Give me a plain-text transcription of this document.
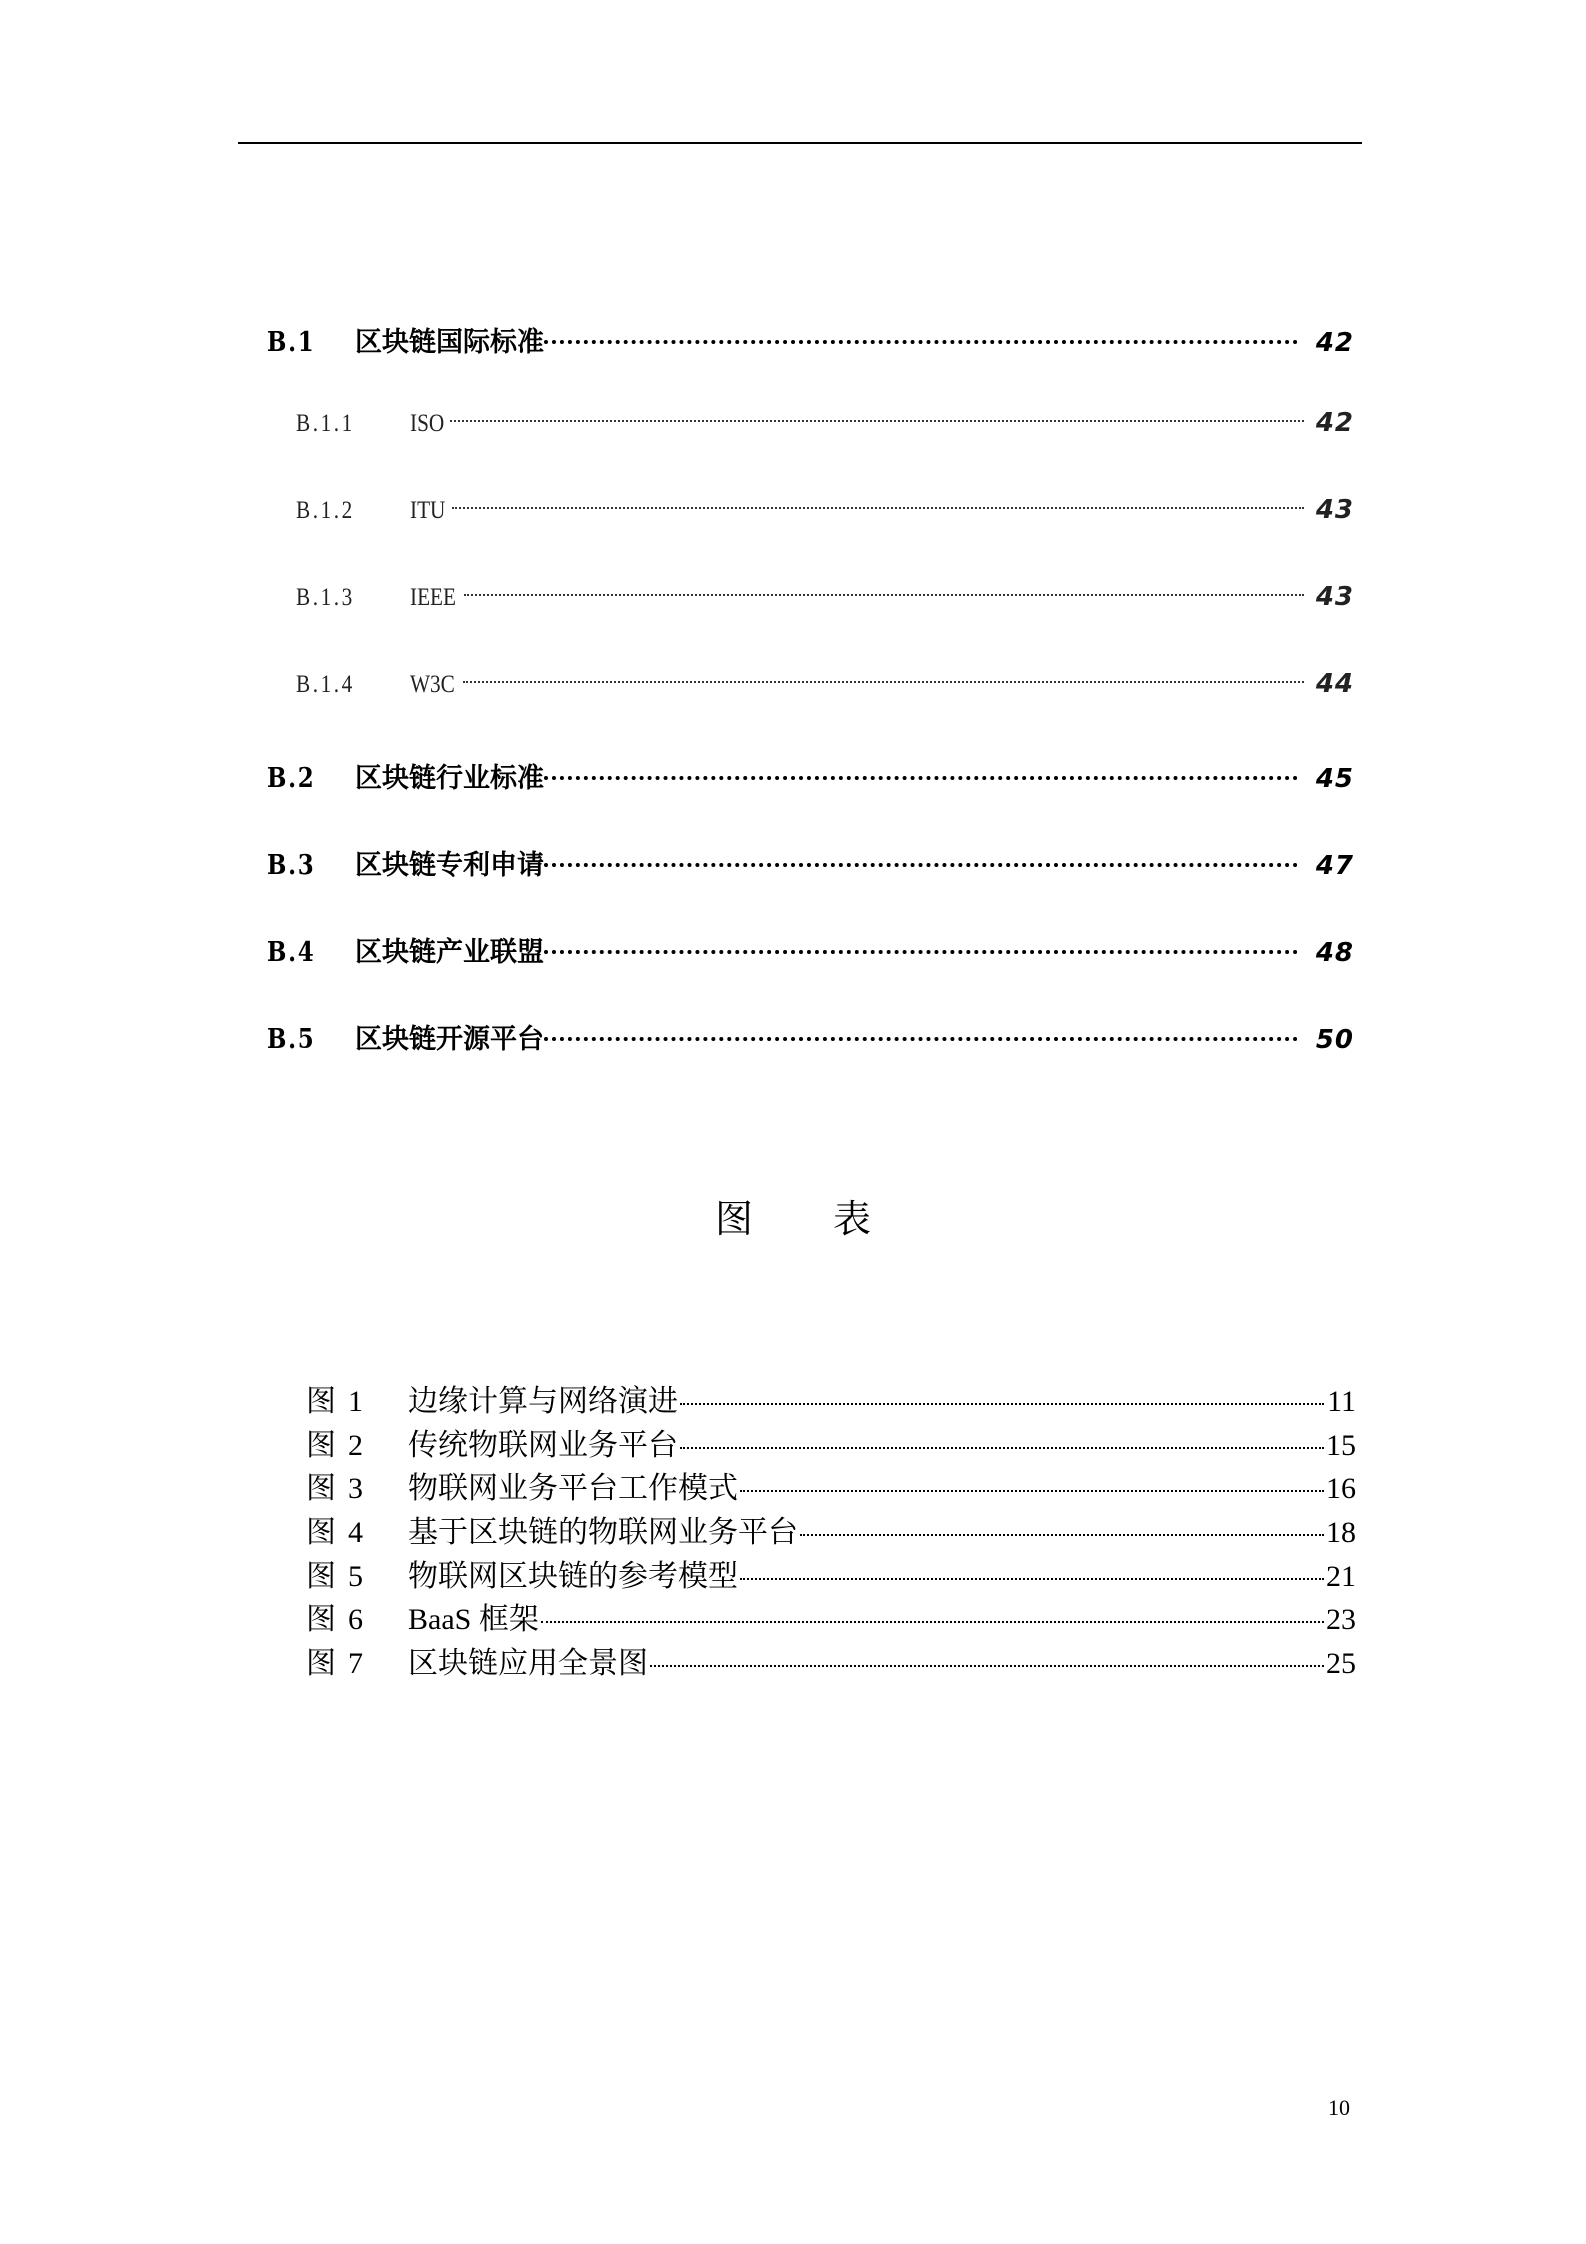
B.1	区块链国际标准	42
B.1.1	ISO	42
B.1.2	ITU	43
B.1.3	IEEE	43
B.1.4	W3C	44
B.2	区块链行业标准	45
B.3	区块链专利申请	47
B.4	区块链产业联盟	48
B.5	区块链开源平台	50
图 表
图 1	边缘计算与网络演进	11
图 2	传统物联网业务平台	15
图 3	物联网业务平台工作模式	16
图 4	基于区块链的物联网业务平台	18
图 5	物联网区块链的参考模型	21
图 6	BaaS 框架	23
图 7	区块链应用全景图	25
10
